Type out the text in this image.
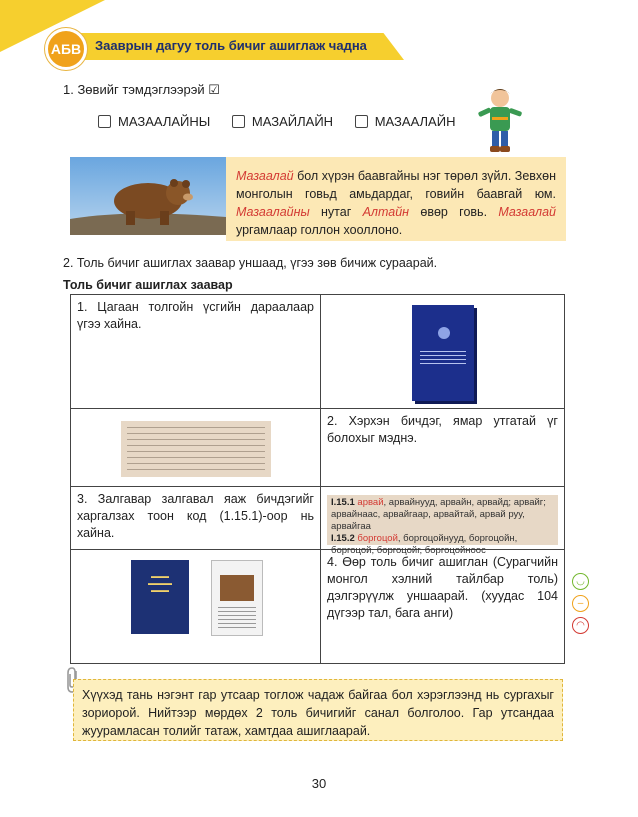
АБВ	Зааврын дагуу толь бичиг ашиглаж чадна
1. Зөвийг тэмдэглээрэй ☑
МАЗААЛАЙНЫ
	МАЗАЙЛАЙН
	МАЗААЛАЙН
Мазаалай бол хүрэн баавгайны нэг төрөл зүйл. Зевхөн монголын говьд амьдардаг, говийн баавгай юм. Мазаалайны нутаг Алтайн өвөр говь. Мазаалай ургамлаар голлон хооллоно.
2. Толь бичиг ашиглах заавар уншаад, үгээ зөв бичиж сураарай.
Толь бичиг ашиглах заавар
1. Цагаан толгойн үсгийн дараалаар үгээ хайна.	

	2. Хэрхэн бичдэг, ямар утгатай үг болохыг мэднэ.
3. Залгавар залгавал яаж бичдэгийг харгалзах тоон код (1.15.1)-оор нь хайна.	I.15.1 арвай, арвайнууд, арвайн, арвайд; арвайг; арвайнаас, арвайгаар, арвайтай, арвай руу, арвайгаа
I.15.2 боргоцой, боргоцойнууд, боргоцойн, боргоцой, боргоцойг, боргоцойноос

▬▬▬
▬▬▬▬
▬▬▬	4. Өөр толь бичиг ашиглан (Сурагчийн монгол хэлний тайлбар толь) дэлгэрүүлж уншаарай. (хуудас 104 дүгээр тал, бага анги)
◡
–
◠
Хүүхэд тань нэгэнт гар утсаар тоглож чадаж байгаа бол хэрэглээнд нь сургахыг зориорой. Нийтээр мөрдөх 2 толь бичигийг санал болголоо. Гар утсандаа жуурамласан толийг татаж, хамтдаа ашиглаарай.
30
